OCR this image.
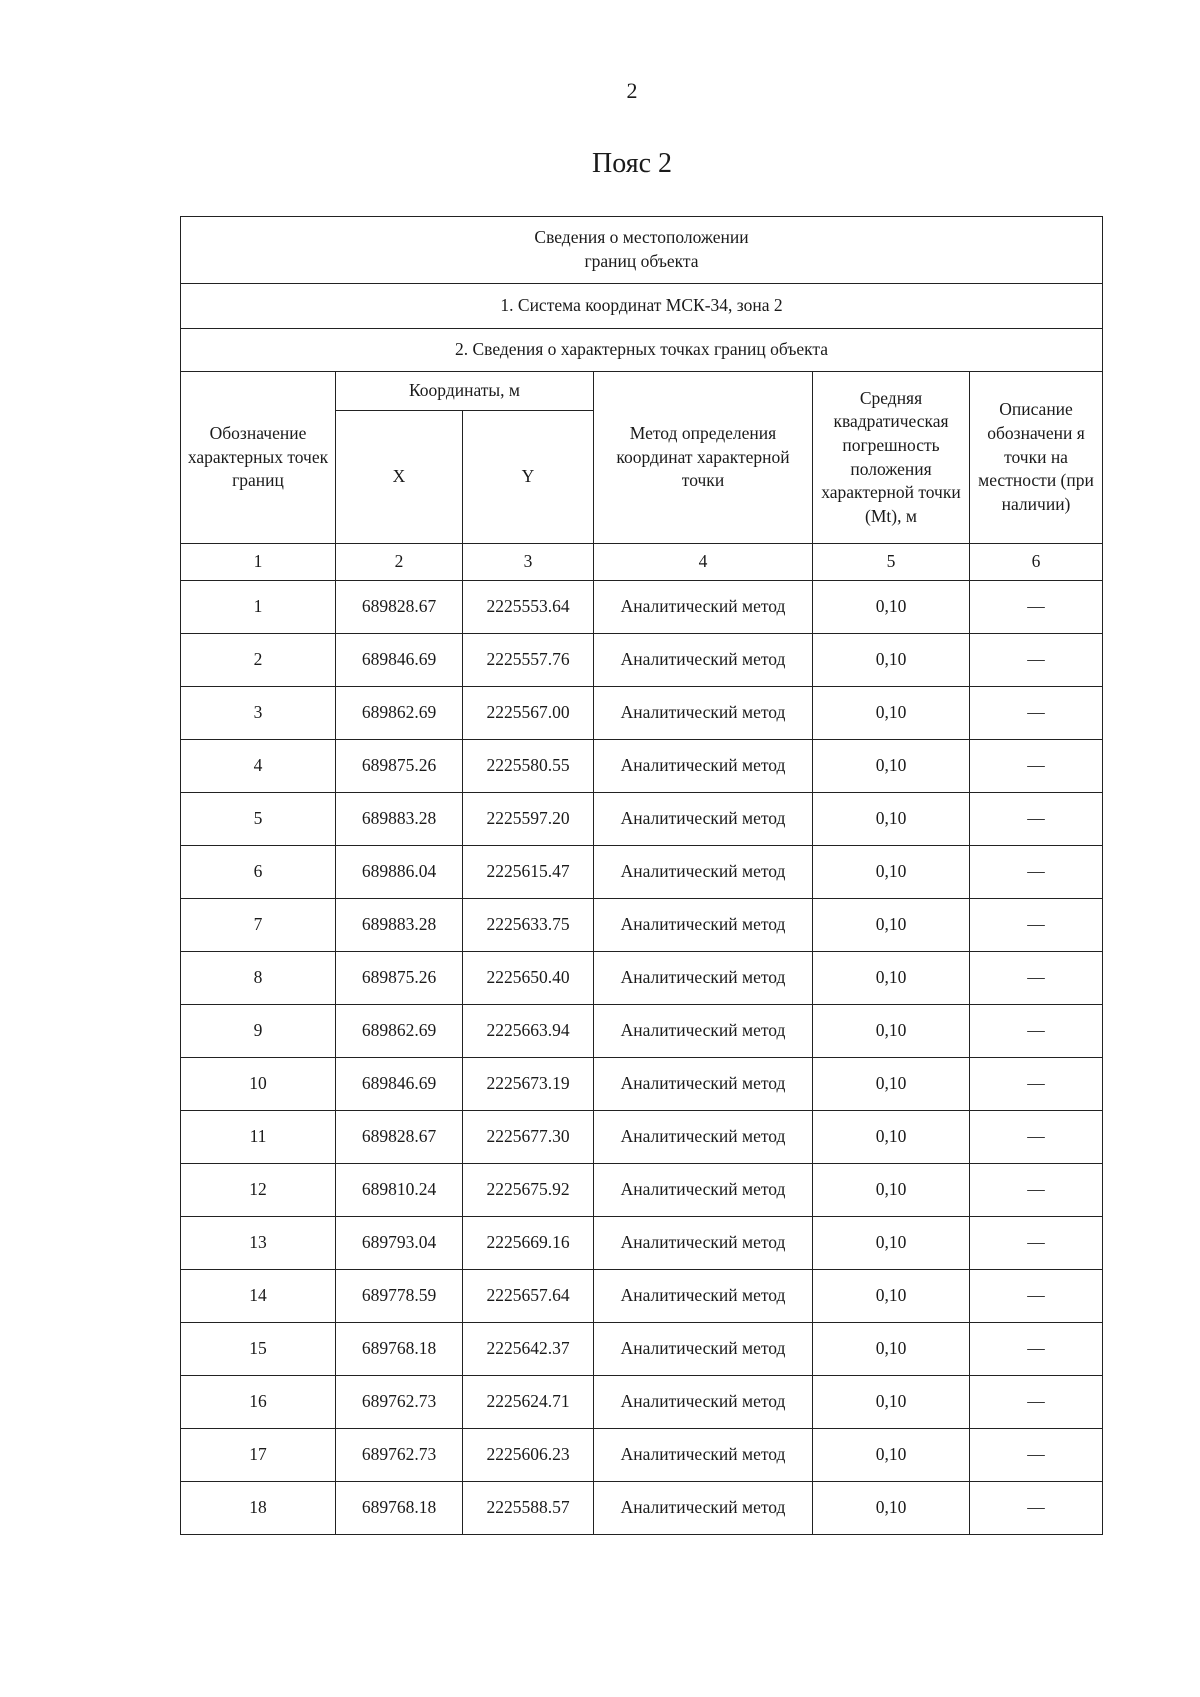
2
Пояс 2
Сведения о местоположении
границ объекта					
1. Система координат МСК-34, зона 2					
2. Сведения о характерных точках границ объекта					
Обозначение характерных точек границ	Координаты, м		Метод определения координат характерной точки	Средняя квадратическая погрешность положения характерной точки (Mt), м	Описание обозначени я точки на местности (при наличии)
	X	Y			
1	2	3	4	5	6
1	689828.67	2225553.64	Аналитический метод	0,10	—
2	689846.69	2225557.76	Аналитический метод	0,10	—
3	689862.69	2225567.00	Аналитический метод	0,10	—
4	689875.26	2225580.55	Аналитический метод	0,10	—
5	689883.28	2225597.20	Аналитический метод	0,10	—
6	689886.04	2225615.47	Аналитический метод	0,10	—
7	689883.28	2225633.75	Аналитический метод	0,10	—
8	689875.26	2225650.40	Аналитический метод	0,10	—
9	689862.69	2225663.94	Аналитический метод	0,10	—
10	689846.69	2225673.19	Аналитический метод	0,10	—
11	689828.67	2225677.30	Аналитический метод	0,10	—
12	689810.24	2225675.92	Аналитический метод	0,10	—
13	689793.04	2225669.16	Аналитический метод	0,10	—
14	689778.59	2225657.64	Аналитический метод	0,10	—
15	689768.18	2225642.37	Аналитический метод	0,10	—
16	689762.73	2225624.71	Аналитический метод	0,10	—
17	689762.73	2225606.23	Аналитический метод	0,10	—
18	689768.18	2225588.57	Аналитический метод	0,10	—
